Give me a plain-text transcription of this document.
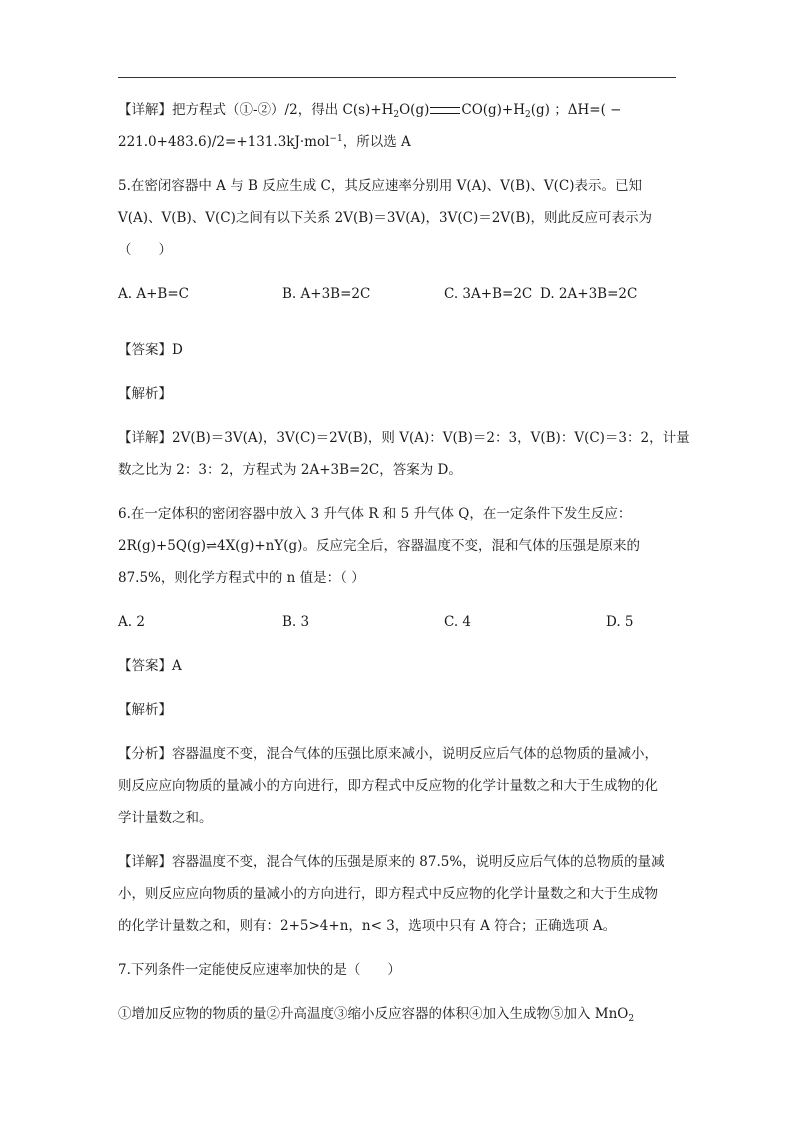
【详解】把方程式（①-②）/2，得出 $C(s)+H_2O(g)$ $CO(g)+H_2(g)$ ；ΔH=( −
221.0+483.6)/2=+131.3kJ·mol$^{-1}$，所以选 A
5.在密闭容器中 A 与 B 反应生成 C，其反应速率分别用 V(A)、V(B)、V(C)表示。已知
V(A)、V(B)、V(C)之间有以下关系 2V(B)＝3V(A)，3V(C)＝2V(B)，则此反应可表示为
（　　）
A. A+B=C	B. A+3B=2C	C. 3A+B=2C D. 2A+3B=2C
【答案】D
【解析】
【详解】2V(B)＝3V(A)，3V(C)＝2V(B)，则 V(A)：V(B)＝2：3，V(B)：V(C)＝3：2，计量
数之比为 2：3：2，方程式为 2A+3B=2C，答案为 D。
6.在一定体积的密闭容器中放入 3 升气体 R 和 5 升气体 Q，在一定条件下发生反应：
2R(g)+5Q(g)⇌4X(g)+nY(g)。反应完全后，容器温度不变，混和气体的压强是原来的
87.5%，则化学方程式中的 n 值是：（ ）
A. 2	B. 3	C. 4	D. 5
【答案】A
【解析】
【分析】容器温度不变，混合气体的压强比原来减小，说明反应后气体的总物质的量减小，
则反应应向物质的量减小的方向进行，即方程式中反应物的化学计量数之和大于生成物的化
学计量数之和。
【详解】容器温度不变，混合气体的压强是原来的 87.5%，说明反应后气体的总物质的量减
小，则反应应向物质的量减小的方向进行，即方程式中反应物的化学计量数之和大于生成物
的化学计量数之和，则有：2+5>4+n，n< 3，选项中只有 A 符合；正确选项 A。
7.下列条件一定能使反应速率加快的是（　　）
①增加反应物的物质的量②升高温度③缩小反应容器的体积④加入生成物⑤加入 MnO$_2$
